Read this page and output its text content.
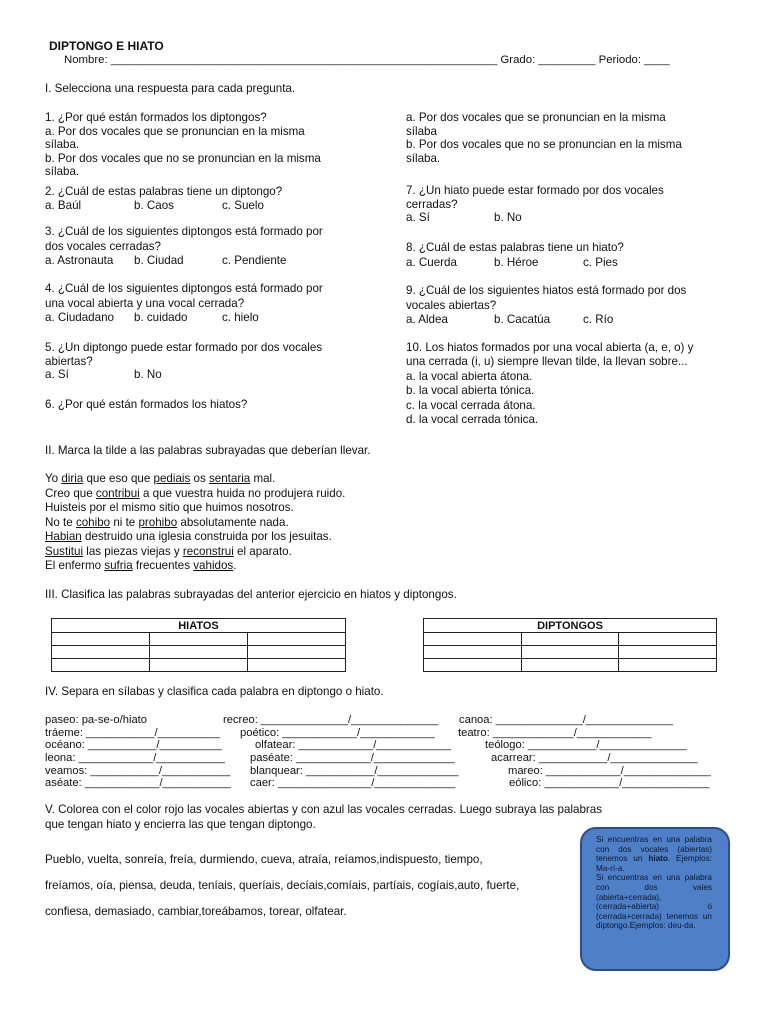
DIPTONGO E HIATO
Nombre: _____________________________________________________________ Grado: _________ Periodo: ____
I. Selecciona una respuesta para cada pregunta.
1. ¿Por qué están formados los diptongos?
a. Por dos vocales que se pronuncian en la misma
sílaba.
b. Por dos vocales que no se pronuncian en la misma
sílaba.
2. ¿Cuál de estas palabras tiene un diptongo?
a. Baúl	b. Caos	c. Suelo
3. ¿Cuál de los siguientes diptongos está formado por
dos vocales cerradas?
a. Astronauta b. Ciudad	c. Pendiente
4. ¿Cuál de los siguientes diptongos está formado por
una vocal abierta y una vocal cerrada?
a. Ciudadano b. cuidado	c. hielo
5. ¿Un diptongo puede estar formado por dos vocales
abiertas?
a. Sí	b. No
6. ¿Por qué están formados los hiatos?
a. Por dos vocales que se pronuncian en la misma
sílaba
b. Por dos vocales que no se pronuncian en la misma
sílaba.
7. ¿Un hiato puede estar formado por dos vocales
cerradas?
a. Sí	b. No
8. ¿Cuál de estas palabras tiene un hiato?
a. Cuerda	b. Héroe	c. Pies
9. ¿Cuál de los siguientes hiatos está formado por dos
vocales abiertas?
a. Aldea	b. Cacatúa	c. Río
10. Los hiatos formados por una vocal abierta (a, e, o) y
una cerrada (i, u) siempre llevan tilde, la llevan sobre...
a. la vocal abierta átona.
b. la vocal abierta tónica.
c. la vocal cerrada átona.
d. la vocal cerrada tónica.
II. Marca la tilde a las palabras subrayadas que deberían llevar.
Yo diria que eso que pediais os sentaria mal.
Creo que contribui a que vuestra huida no produjera ruido.
Huisteis por el mismo sitio que huimos nosotros.
No te cohibo ni te prohibo absolutamente nada.
Habian destruido una iglesia construida por los jesuitas.
Sustitui las piezas viejas y reconstrui el aparato.
El enfermo sufria frecuentes vahidos.
III. Clasifica las palabras subrayadas del anterior ejercicio en hiatos y diptongos.
HIATOS		

			DIPTONGOS		

IV. Separa en sílabas y clasifica cada palabra en diptongo o hiato.
paseo: pa-se-o/hiato	recreo: ______________/______________ canoa: ______________/______________
tráeme: ___________/__________ poético: ____________/____________ teatro: _____________/____________
océano: ___________/__________	olfatear: ____________/____________	teólogo: ___________/______________
leona: ____________/___________ paséate: ____________/_____________	acarrear: ___________/______________
veamos: ___________/___________ blanquear: ___________/_____________	mareo: ____________/______________
aséate: ____________/___________ caer: _______________/_____________	eólico: ____________/______________
V. Colorea con el color rojo las vocales abiertas y con azul las vocales cerradas. Luego subraya las palabras
que tengan hiato y encierra las que tengan diptongo.
Pueblo, vuelta, sonreía, freía, durmiendo, cueva, atraía, reíamos,indispuesto, tiempo,
freíamos, oía, piensa, deuda, teníais, queríais, decíais,comíais, partíais, cogíais,auto, fuerte,
confiesa, demasiado, cambiar,toreábamos, torear, olfatear.
Si encuentras en una palabra con dos vocales (abiertas) tenemos un hiato. Ejemplos: Ma-rí-a.
Si encuentras en una palabra con dos vales (abierta+cerrada), (cerrada+abierta) ó (cerrada+cerrada) tenemos un diptongo.Ejemplos: deu-da.
